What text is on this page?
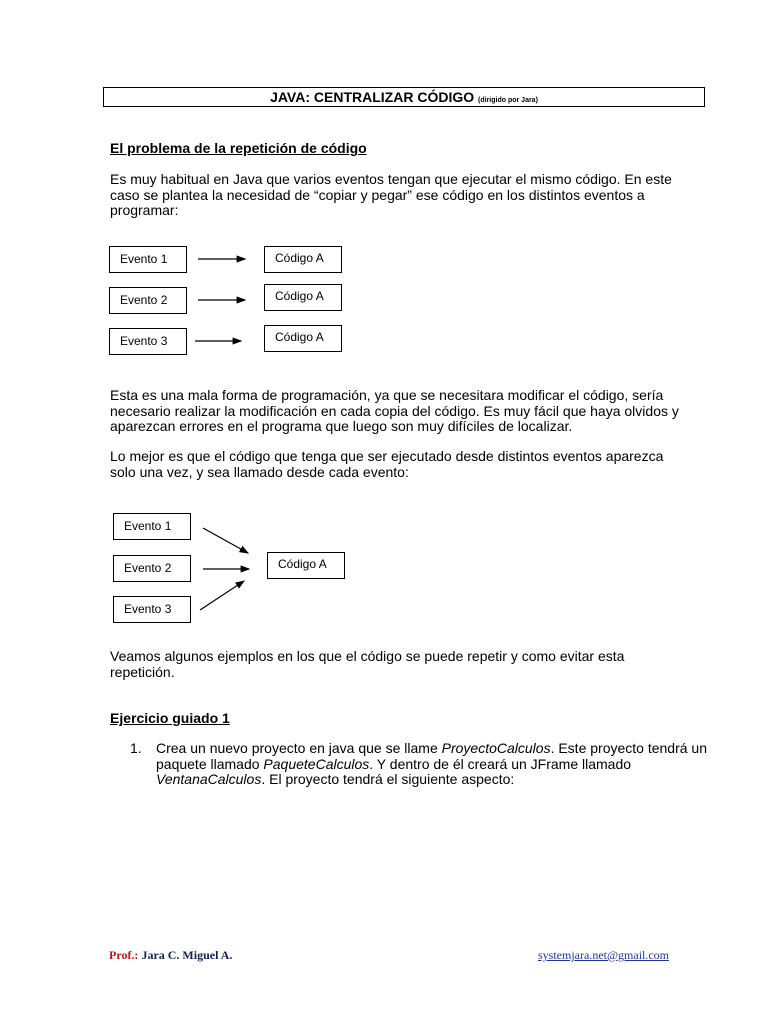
JAVA: CENTRALIZAR CÓDIGO (dirigido por Jara)
El problema de la repetición de código
Es muy habitual en Java que varios eventos tengan que ejecutar el mismo código. En este
caso se plantea la necesidad de “copiar y pegar” ese código en los distintos eventos a
programar:
Evento 1
Evento 2
Evento 3
Código A
Código A
Código A
Esta es una mala forma de programación, ya que se necesitara modificar el código, sería
necesario realizar la modificación en cada copia del código. Es muy fácil que haya olvidos y
aparezcan errores en el programa que luego son muy difíciles de localizar.
Lo mejor es que el código que tenga que ser ejecutado desde distintos eventos aparezca
solo una vez, y sea llamado desde cada evento:
Evento 1
Evento 2
Evento 3
Código A
Veamos algunos ejemplos en los que el código se puede repetir y como evitar esta
repetición.
Ejercicio guiado 1
1. Crea un nuevo proyecto en java que se llame ProyectoCalculos. Este proyecto tendrá un paquete llamado PaqueteCalculos. Y dentro de él creará un JFrame llamado VentanaCalculos. El proyecto tendrá el siguiente aspecto:
Prof.: Jara C. Miguel A.	systemjara.net@gmail.com
